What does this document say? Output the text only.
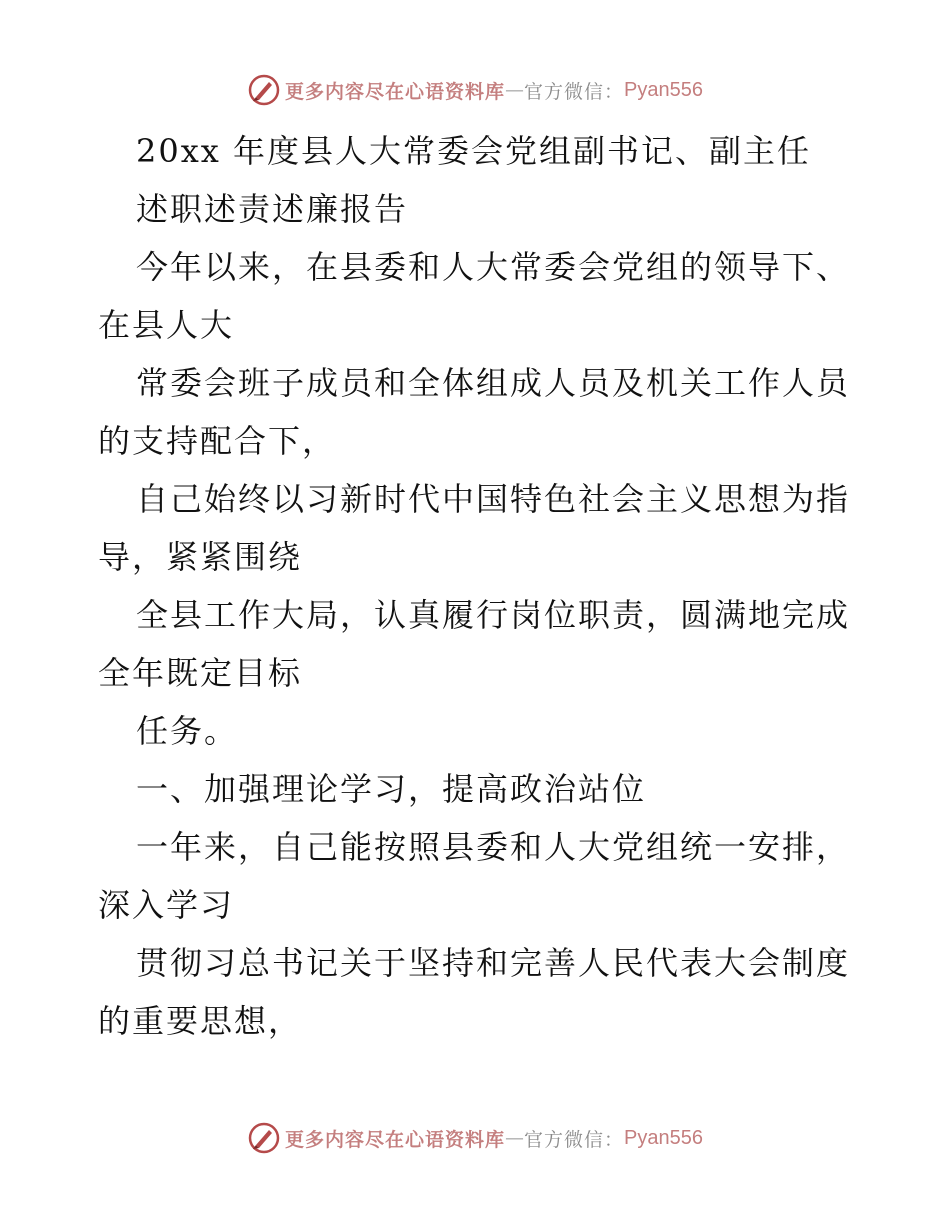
更多内容尽在心语资料库 — 官方微信： Pyan556
20xx 年度县人大常委会党组副书记、副主任
述职述责述廉报告
今年以来，在县委和人大常委会党组的领导下、
在县人大
常委会班子成员和全体组成人员及机关工作人员
的支持配合下，
自己始终以习新时代中国特色社会主义思想为指
导，紧紧围绕
全县工作大局，认真履行岗位职责，圆满地完成
全年既定目标
任务。
一、加强理论学习，提高政治站位
一年来，自己能按照县委和人大党组统一安排，
深入学习
贯彻习总书记关于坚持和完善人民代表大会制度
的重要思想，
更多内容尽在心语资料库 — 官方微信： Pyan556
